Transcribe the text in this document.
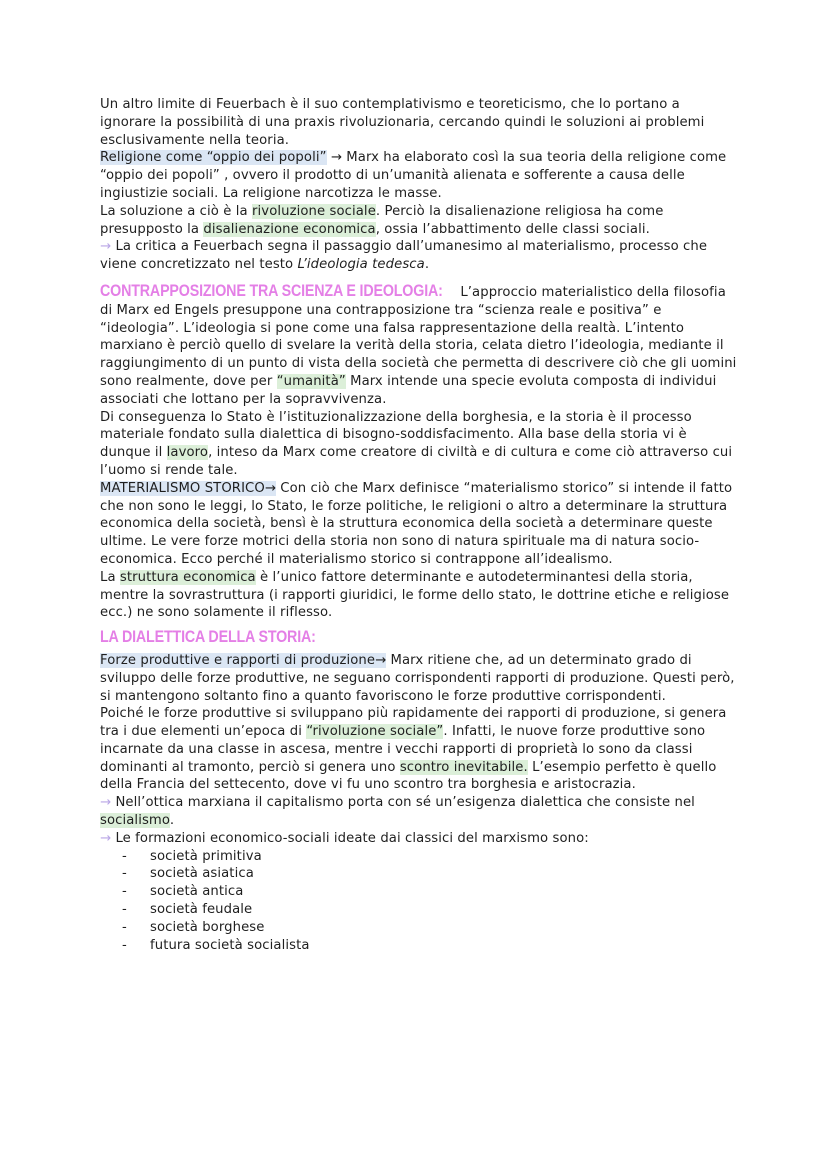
Un altro limite di Feuerbach è il suo contemplativismo e teoreticismo, che lo portano a ignorare la possibilità di una praxis rivoluzionaria, cercando quindi le soluzioni ai problemi esclusivamente nella teoria.

Religione come “oppio dei popoli” → Marx ha elaborato così la sua teoria della religione come “oppio dei popoli” , ovvero il prodotto di un’umanità alienata e sofferente a causa delle ingiustizie sociali. La religione narcotizza le masse.

La soluzione a ciò è la rivoluzione sociale. Perciò la disalienazione religiosa ha come presupposto la disalienazione economica, ossia l’abbattimento delle classi sociali.

→ La critica a Feuerbach segna il passaggio dall’umanesimo al materialismo, processo che viene concretizzato nel testo L’ideologia tedesca.

CONTRAPPOSIZIONE TRA SCIENZA E IDEOLOGIA: L’approccio materialistico della filosofia di Marx ed Engels presuppone una contrapposizione tra “scienza reale e positiva” e “ideologia”. L’ideologia si pone come una falsa rappresentazione della realtà. L’intento marxiano è perciò quello di svelare la verità della storia, celata dietro l’ideologia, mediante il raggiungimento di un punto di vista della società che permetta di descrivere ciò che gli uomini sono realmente, dove per “umanità” Marx intende una specie evoluta composta di individui associati che lottano per la sopravvivenza.

Di conseguenza lo Stato è l’istituzionalizzazione della borghesia, e la storia è il processo materiale fondato sulla dialettica di bisogno-soddisfacimento. Alla base della storia vi è dunque il lavoro, inteso da Marx come creatore di civiltà e di cultura e come ciò attraverso cui l’uomo si rende tale.

MATERIALISMO STORICO→ Con ciò che Marx definisce “materialismo storico” si intende il fatto che non sono le leggi, lo Stato, le forze politiche, le religioni o altro a determinare la struttura economica della società, bensì è la struttura economica della società a determinare queste ultime. Le vere forze motrici della storia non sono di natura spirituale ma di natura socio-economica. Ecco perché il materialismo storico si contrappone all’idealismo.

La struttura economica è l’unico fattore determinante e autodeterminantesi della storia, mentre la sovrastruttura (i rapporti giuridici, le forme dello stato, le dottrine etiche e religiose ecc.) ne sono solamente il riflesso.

LA DIALETTICA DELLA STORIA:

Forze produttive e rapporti di produzione→ Marx ritiene che, ad un determinato grado di sviluppo delle forze produttive, ne seguano corrispondenti rapporti di produzione. Questi però, si mantengono soltanto fino a quanto favoriscono le forze produttive corrispondenti.

Poiché le forze produttive si sviluppano più rapidamente dei rapporti di produzione, si genera tra i due elementi un’epoca di “rivoluzione sociale”. Infatti, le nuove forze produttive sono incarnate da una classe in ascesa, mentre i vecchi rapporti di proprietà lo sono da classi dominanti al tramonto, perciò si genera uno scontro inevitabile. L’esempio perfetto è quello della Francia del settecento, dove vi fu uno scontro tra borghesia e aristocrazia.

→ Nell’ottica marxiana il capitalismo porta con sé un’esigenza dialettica che consiste nel socialismo.

→ Le formazioni economico-sociali ideate dai classici del marxismo sono:

- società primitiva
- società asiatica
- società antica
- società feudale
- società borghese
- futura società socialista
